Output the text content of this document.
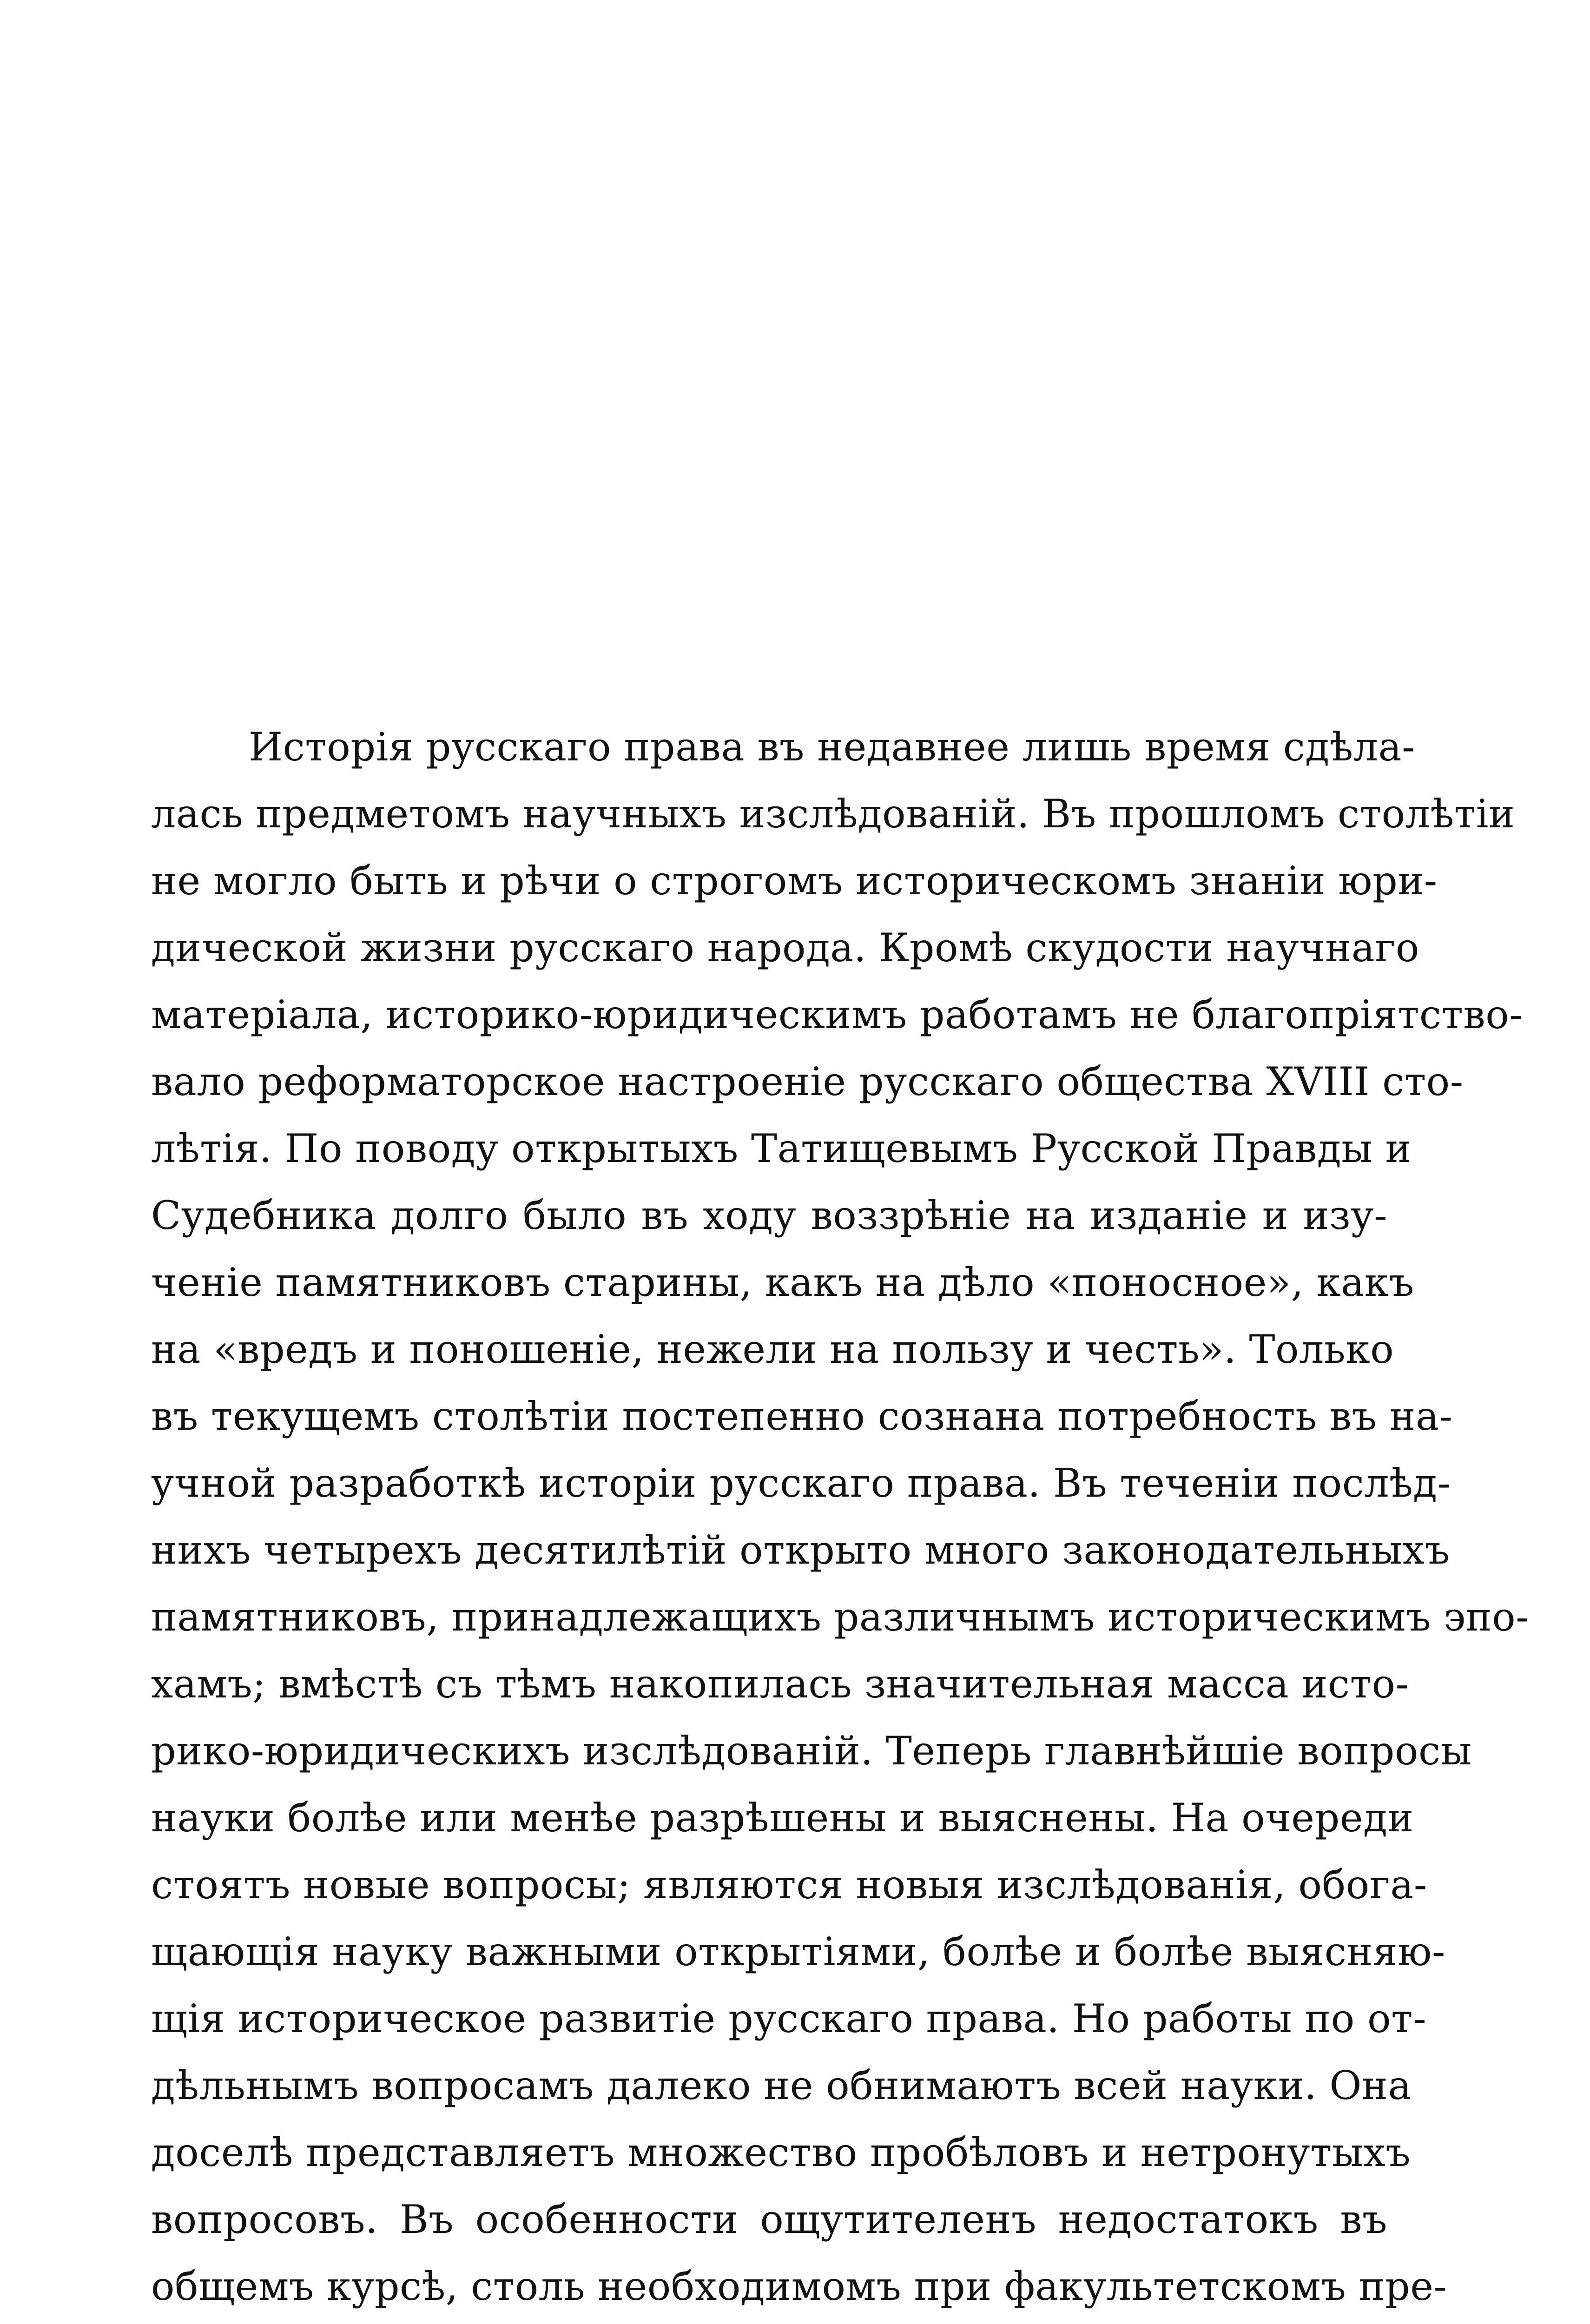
Исторія русскаго права въ недавнее лишь время сдѣла-
лась предметомъ научныхъ изслѣдованій. Въ прошломъ столѣтіи
не могло быть и рѣчи о строгомъ историческомъ знаніи юри-
дической жизни русскаго народа. Кромѣ скудости научнаго
матеріала, историко-юридическимъ работамъ не благопріятство-
вало реформаторское настроеніе русскаго общества XVIII сто-
лѣтія. По поводу открытыхъ Татищевымъ Русской Правды и
Судебника долго было въ ходу воззрѣніе на изданіе и изу-
ченіе памятниковъ старины, какъ на дѣло «поносное», какъ
на «вредъ и поношеніе, нежели на пользу и честь». Только
въ текущемъ столѣтіи постепенно сознана потребность въ на-
учной разработкѣ исторіи русскаго права. Въ теченіи послѣд-
нихъ четырехъ десятилѣтій открыто много законодательныхъ
памятниковъ, принадлежащихъ различнымъ историческимъ эпо-
хамъ; вмѣстѣ съ тѣмъ накопилась значительная масса исто-
рико-юридическихъ изслѣдованій. Теперь главнѣйшіе вопросы
науки болѣе или менѣе разрѣшены и выяснены. На очереди
стоятъ новые вопросы; являются новыя изслѣдованія, обога-
щающія науку важными открытіями, болѣе и болѣе выясняю-
щія историческое развитіе русскаго права. Но работы по от-
дѣльнымъ вопросамъ далеко не обнимаютъ всей науки. Она
доселѣ представляетъ множество пробѣловъ и нетронутыхъ
вопросовъ. Въ особенности ощутителенъ недостатокъ въ
общемъ курсѣ, столь необходимомъ при факультетскомъ пре-
